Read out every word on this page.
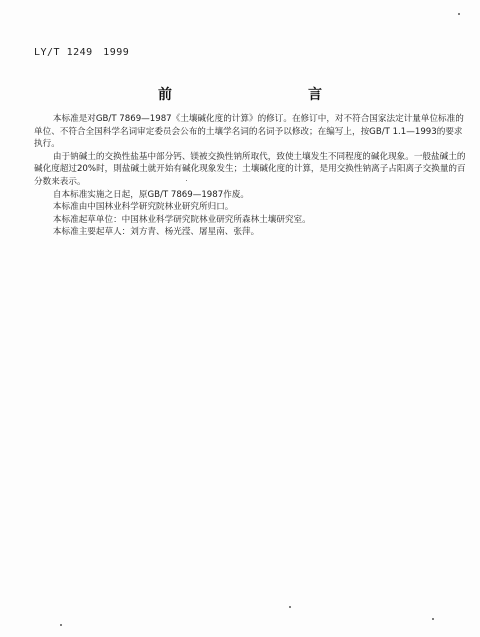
LY/T 1249　1999
前　　言

本标准是对GB/T 7869—1987《土壤碱化度的计算》的修订。在修订中，对不符合国家法定计量单位标准的单位、不符合全国科学名词审定委员会公布的土壤学名词的名词予以修改；在编写上，按GB/T 1.1—1993的要求执行。

由于钠碱土的交换性盐基中部分钙、镁被交换性钠所取代，致使土壤发生不同程度的碱化现象。一般盐碱土的碱化度超过20%时，則盐碱土就开始有碱化现象发生；土壤碱化度的计算，是用交换性钠离子占阳离子交换量的百分数来表示。

自本标准实施之日起，原GB/T 7869—1987作废。

本标准由中国林业科学研究院林业研究所归口。

本标准起草单位：中国林业科学研究院林业研究所森林土壤研究室。

本标准主要起草人：刘方青、杨光滢、屠星南、张萍。
